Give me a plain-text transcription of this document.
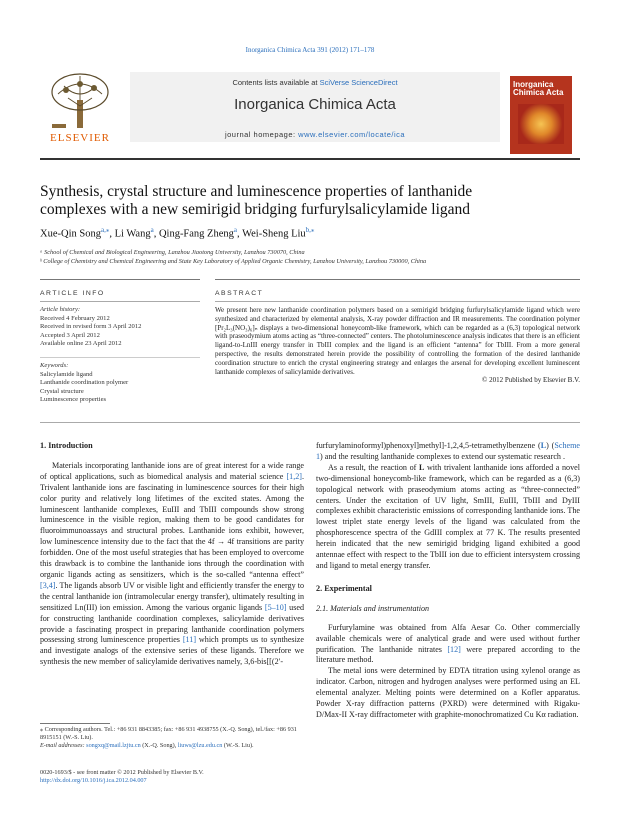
Inorganica Chimica Acta 391 (2012) 171–178
ELSEVIER
Contents lists available at SciVerse ScienceDirect
Inorganica Chimica Acta
journal homepage: www.elsevier.com/locate/ica
Inorganica Chimica Acta
Synthesis, crystal structure and luminescence properties of lanthanide
complexes with a new semirigid bridging furfurylsalicylamide ligand
Xue-Qin Song$^{a,⁎}$, Li Wang$^a$, Qing-Fang Zheng$^a$, Wei-Sheng Liu$^{b,⁎}$
ᵃ School of Chemical and Biological Engineering, Lanzhou Jiaotong University, Lanzhou 730070, China
ᵇ College of Chemistry and Chemical Engineering and State Key Laboratory of Applied Organic Chemistry, Lanzhou University, Lanzhou 730000, China
ARTICLE INFO	ABSTRACT
Article history:
Received 4 February 2012
Received in revised form 3 April 2012
Accepted 3 April 2012
Available online 23 April 2012
Keywords:
Salicylamide ligand
Lanthanide coordination polymer
Crystal structure
Luminescence properties
We present here new lanthanide coordination polymers based on a semirigid bridging furfurylsalicylamide ligand which were synthesized and characterized by elemental analysis, X-ray powder diffraction and IR measurements. The coordination polymer [Pr₂L₃(NO₃)₆]ₙ displays a two-dimensional honeycomb-like framework, which can be regarded as a (6,3) topological network with praseodymium atoms acting as “three-connected” centers. The photoluminescence analysis indicates that there is an efficient ligand-to-LnIII energy transfer in TbIII complex and the ligand is an efficient “antenna” for TbIII. From a more general perspective, the results demonstrated herein provide the possibility of controlling the formation of the desired lanthanide coordination structure to enrich the crystal engineering strategy and enlarges the arsenal for developing excellent luminescent lanthanide complexes of salicylamide derivatives.
© 2012 Published by Elsevier B.V.
1. Introduction

Materials incorporating lanthanide ions are of great interest for a wide range of optical applications, such as biomedical analysis and material science [1,2]. Trivalent lanthanide ions are fascinating in luminescence sources for their high color purity and relatively long lifetimes of the excited states. Among the luminescent lanthanide complexes, EuIII and TbIII compounds show strong luminescence in the visible region, making them to be good candidates for fluoroimmunoassays and structural probes. Lanthanide ions exhibit, however, low luminescence intensity due to the fact that the 4f → 4f transitions are parity forbidden. One of the most useful strategies that has been employed to overcome this drawback is to combine the lanthanide ions through the coordination with organic ligands acting as sensitizers, which is the so-called “antenna effect” [3,4]. The ligands absorb UV or visible light and efficiently transfer the energy to the central lanthanide ion (intramolecular energy transfer), ultimately resulting in sensitized Ln(III) ion emission. Among the various organic ligands [5–10] used for constructing lanthanide coordination complexes, salicylamide derivatives provide a fascinating prospect in preparing lanthanide coordination polymers possessing strong luminescence properties [11] which prompts us to synthesize and investigate analogs of the extensive series of these ligands. Therefore we synthesis the new member of salicylamide derivatives namely, 3,6-bis[[(2′-

furfurylaminoformyl)phenoxyl]methyl]-1,2,4,5-tetramethylbenzene (L) (Scheme 1) and the resulting lanthanide complexes to extend our systematic research .

As a result, the reaction of L with trivalent lanthanide ions afforded a novel two-dimensional honeycomb-like framework, which can be regarded as a (6,3) topological network with praseodymium atoms acting as “three-connected” centers. Under the excitation of UV light, SmIII, EuIII, TbIII and DyIII complexes exhibit characteristic emissions of corresponding lanthanide ions. The lowest triplet state energy levels of the ligand was calculated from the phosphorescence spectra of the GdIII complex at 77 K. The results presented herein indicated that the new semirigid bridging ligand exhibited a good antennae effect with respect to the TbIII ion due to efficient intersystem crossing and ligand to metal energy transfer.

2. Experimental
2.1. Materials and instrumentation

Furfurylamine was obtained from Alfa Aesar Co. Other commercially available chemicals were of analytical grade and were used without further purification. The lanthanide nitrates [12] were prepared according to the literature method.

The metal ions were determined by EDTA titration using xylenol orange as indicator. Carbon, nitrogen and hydrogen analyses were performed using an EL elemental analyzer. Melting points were determined on a Kofler apparatus. Powder X-ray diffraction patterns (PXRD) were determined with Rigaku-D/Max-II X-ray diffractometer with graphite-monochromatized Cu Kα radiation.

⁎ Corresponding authors. Tel.: +86 931 8843385; fax: +86 931 4938755 (X.-Q. Song), tel./fax: +86 931 8915151 (W.-S. Liu).
E-mail addresses: songxq@mail.lzjtu.cn (X.-Q. Song), liuws@lzu.edu.cn (W.-S. Liu).
0020-1693/$ - see front matter © 2012 Published by Elsevier B.V.
http://dx.doi.org/10.1016/j.ica.2012.04.007
